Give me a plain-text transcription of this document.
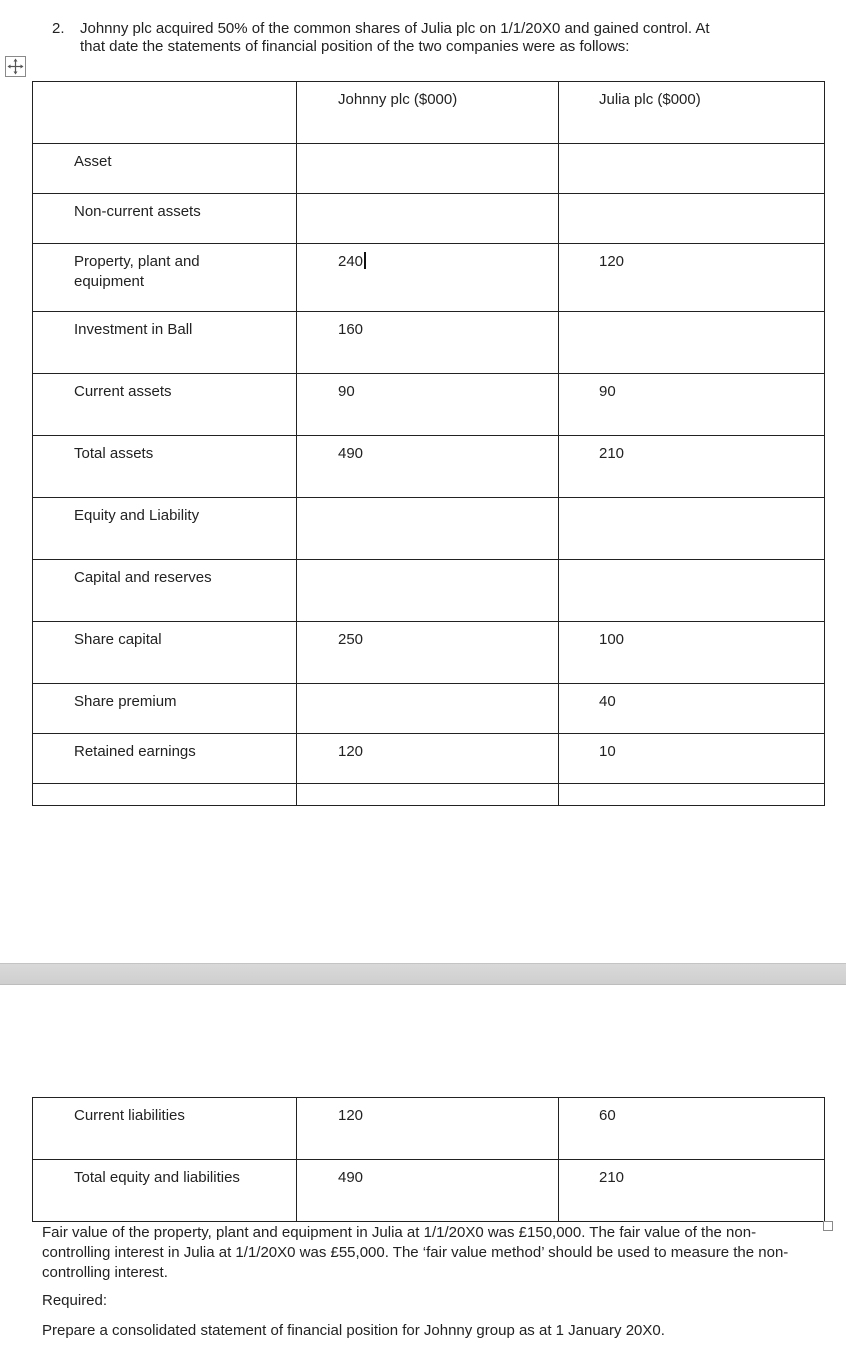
2. Johnny plc acquired 50% of the common shares of Julia plc on 1/1/20X0 and gained control. At that date the statements of financial position of the two companies were as follows:

	Johnny plc ($000)	Julia plc ($000)

Asset		

Non-current assets		

Property, plant and equipment	240	120

Investment in Ball	160	

Current assets	90	90

Total assets	490	210

Equity and Liability		

Capital and reserves		

Share capital	250	100

Share premium		40

Retained earnings	120	10

Current liabilities	120	60

Total equity and liabilities	490	210

Fair value of the property, plant and equipment in Julia at 1/1/20X0 was £150,000. The fair value of the non-controlling interest in Julia at 1/1/20X0 was £55,000. The ‘fair value method’ should be used to measure the non-controlling interest.

Required:

Prepare a consolidated statement of financial position for Johnny group as at 1 January 20X0.
